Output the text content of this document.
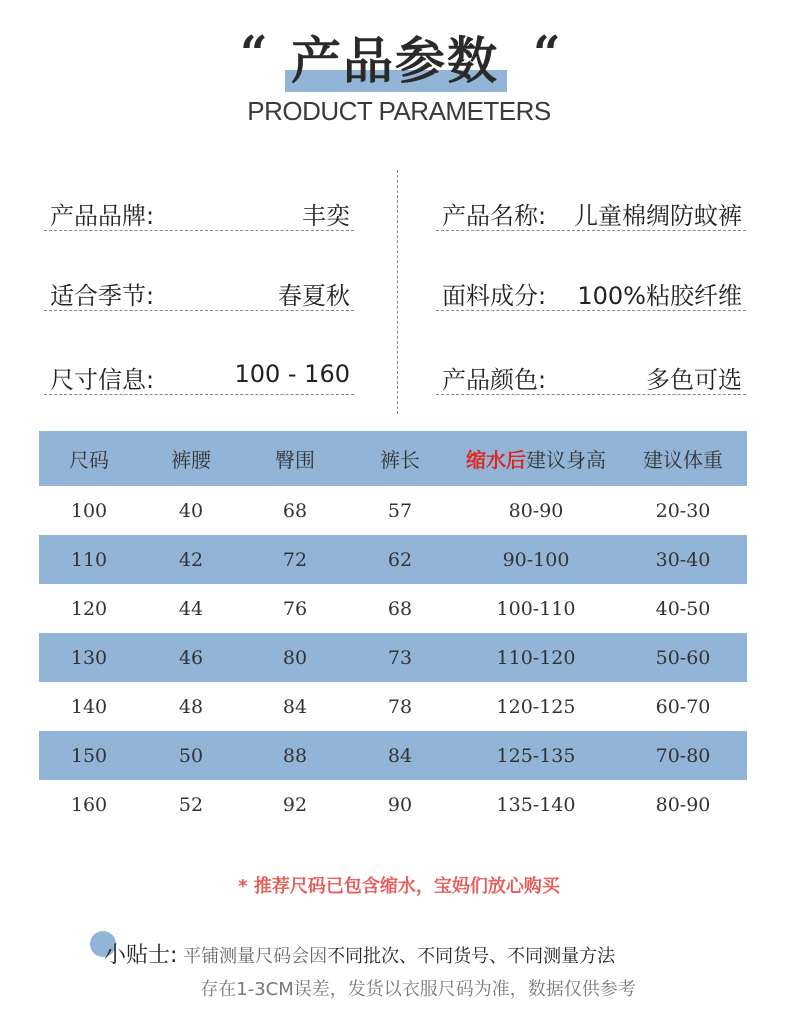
“ 产品参数 “
PRODUCT PARAMETERS
产品品牌:	丰奕	产品名称: 儿童棉绸防蚊裤
适合季节:	春夏秋	面料成分: 100%粘胶纤维
尺寸信息:	100 - 160	产品颜色:	多色可选
尺码	裤腰	臀围	裤长	缩水后建议身高	建议体重
100	40	68	57	80-90	20-30
110	42	72	62	90-100	30-40
120	44	76	68	100-110	40-50
130	46	80	73	110-120	50-60
140	48	84	78	120-125	60-70
150	50	88	84	125-135	70-80
160	52	92	90	135-140	80-90
* 推荐尺码已包含缩水，宝妈们放心购买
小贴士: 平铺测量尺码会因不同批次、不同货号、不同测量方法
存在1-3CM误差，发货以衣服尺码为准，数据仅供参考
